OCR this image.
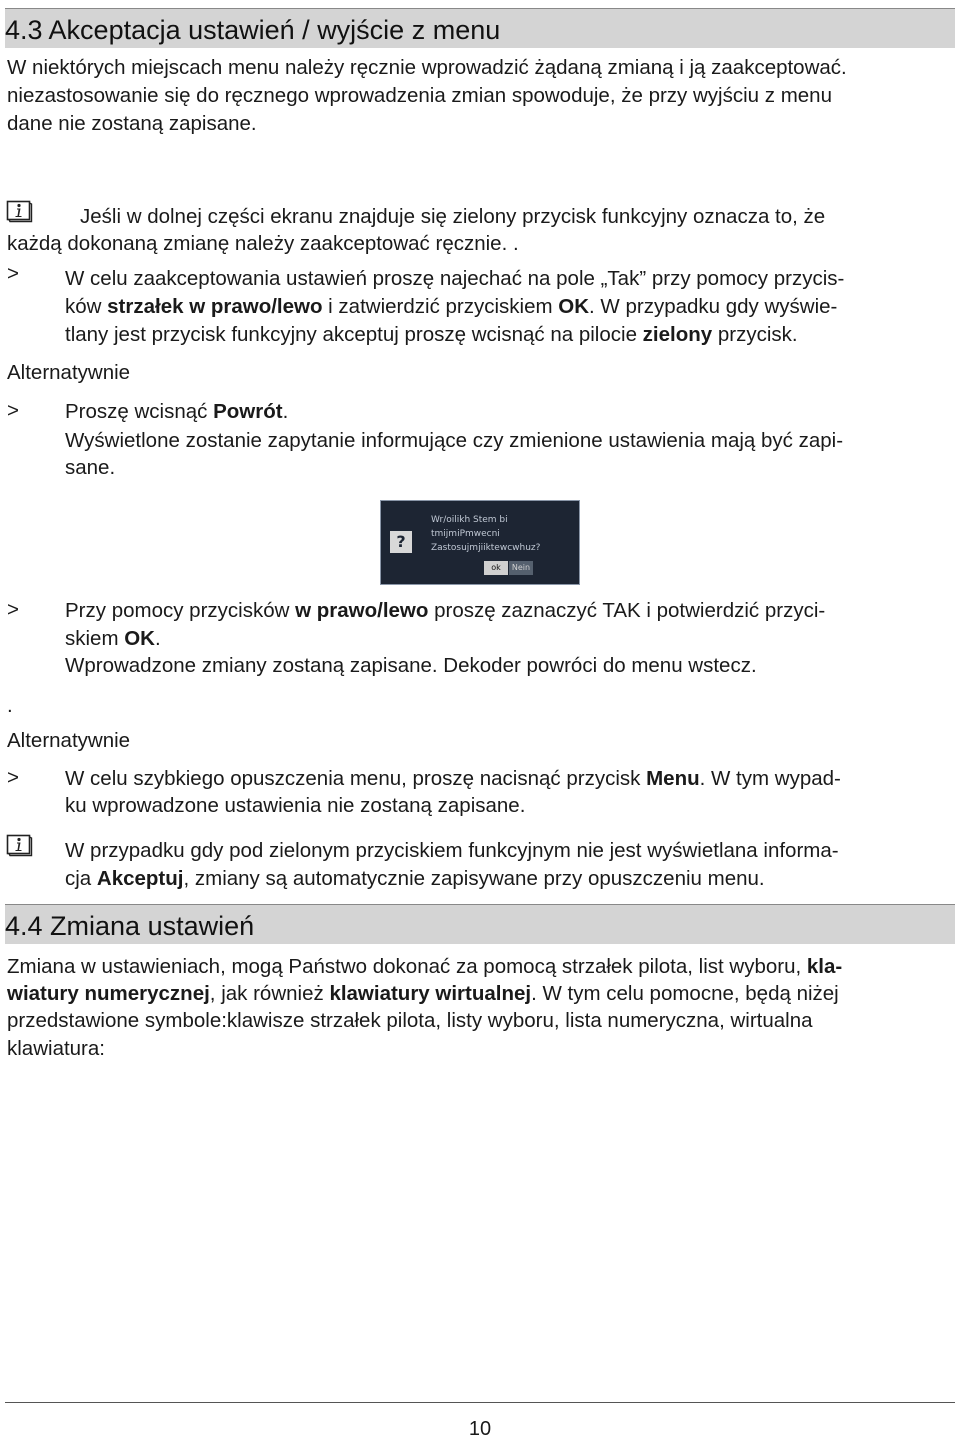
4.3 Akceptacja ustawień / wyjście z menu
W niektórych miejscach menu należy ręcznie wprowadzić żądaną zmianą i ją zaakceptować.
niezastosowanie się do ręcznego wprowadzenia zmian spowoduje, że przy wyjściu z menu
dane nie zostaną zapisane.
Jeśli w dolnej części ekranu znajduje się zielony przycisk funkcyjny oznacza to, że
każdą dokonaną zmianę należy zaakceptować ręcznie. .
> W celu zaakceptowania ustawień proszę najechać na pole „Tak” przy pomocy przycis-
ków strzałek w prawo/lewo i zatwierdzić przyciskiem OK. W przypadku gdy wyświe-
tlany jest przycisk funkcyjny akceptuj proszę wcisnąć na pilocie zielony przycisk.
Alternatywnie
> Proszę wcisnąć Powrót.
Wyświetlone zostanie zapytanie informujące czy zmienione ustawienia mają być zapi-
sane.
?
Wr/oilikh Stem bi
tmijmiPmwecni
Zastosujmjiiktewcwhuz?
ok	Nein
> Przy pomocy przycisków w prawo/lewo proszę zaznaczyć TAK i potwierdzić przyci-
skiem OK.
Wprowadzone zmiany zostaną zapisane. Dekoder powróci do menu wstecz.
.
Alternatywnie
> W celu szybkiego opuszczenia menu, proszę nacisnąć przycisk Menu. W tym wypad-
ku wprowadzone ustawienia nie zostaną zapisane.
W przypadku gdy pod zielonym przyciskiem funkcyjnym nie jest wyświetlana informa-
cja Akceptuj, zmiany są automatycznie zapisywane przy opuszczeniu menu.
4.4 Zmiana ustawień
Zmiana w ustawieniach, mogą Państwo dokonać za pomocą strzałek pilota, list wyboru, kla-
wiatury numerycznej, jak również klawiatury wirtualnej. W tym celu pomocne, będą niżej
przedstawione symbole:klawisze strzałek pilota, listy wyboru, lista numeryczna, wirtualna
klawiatura:
10
